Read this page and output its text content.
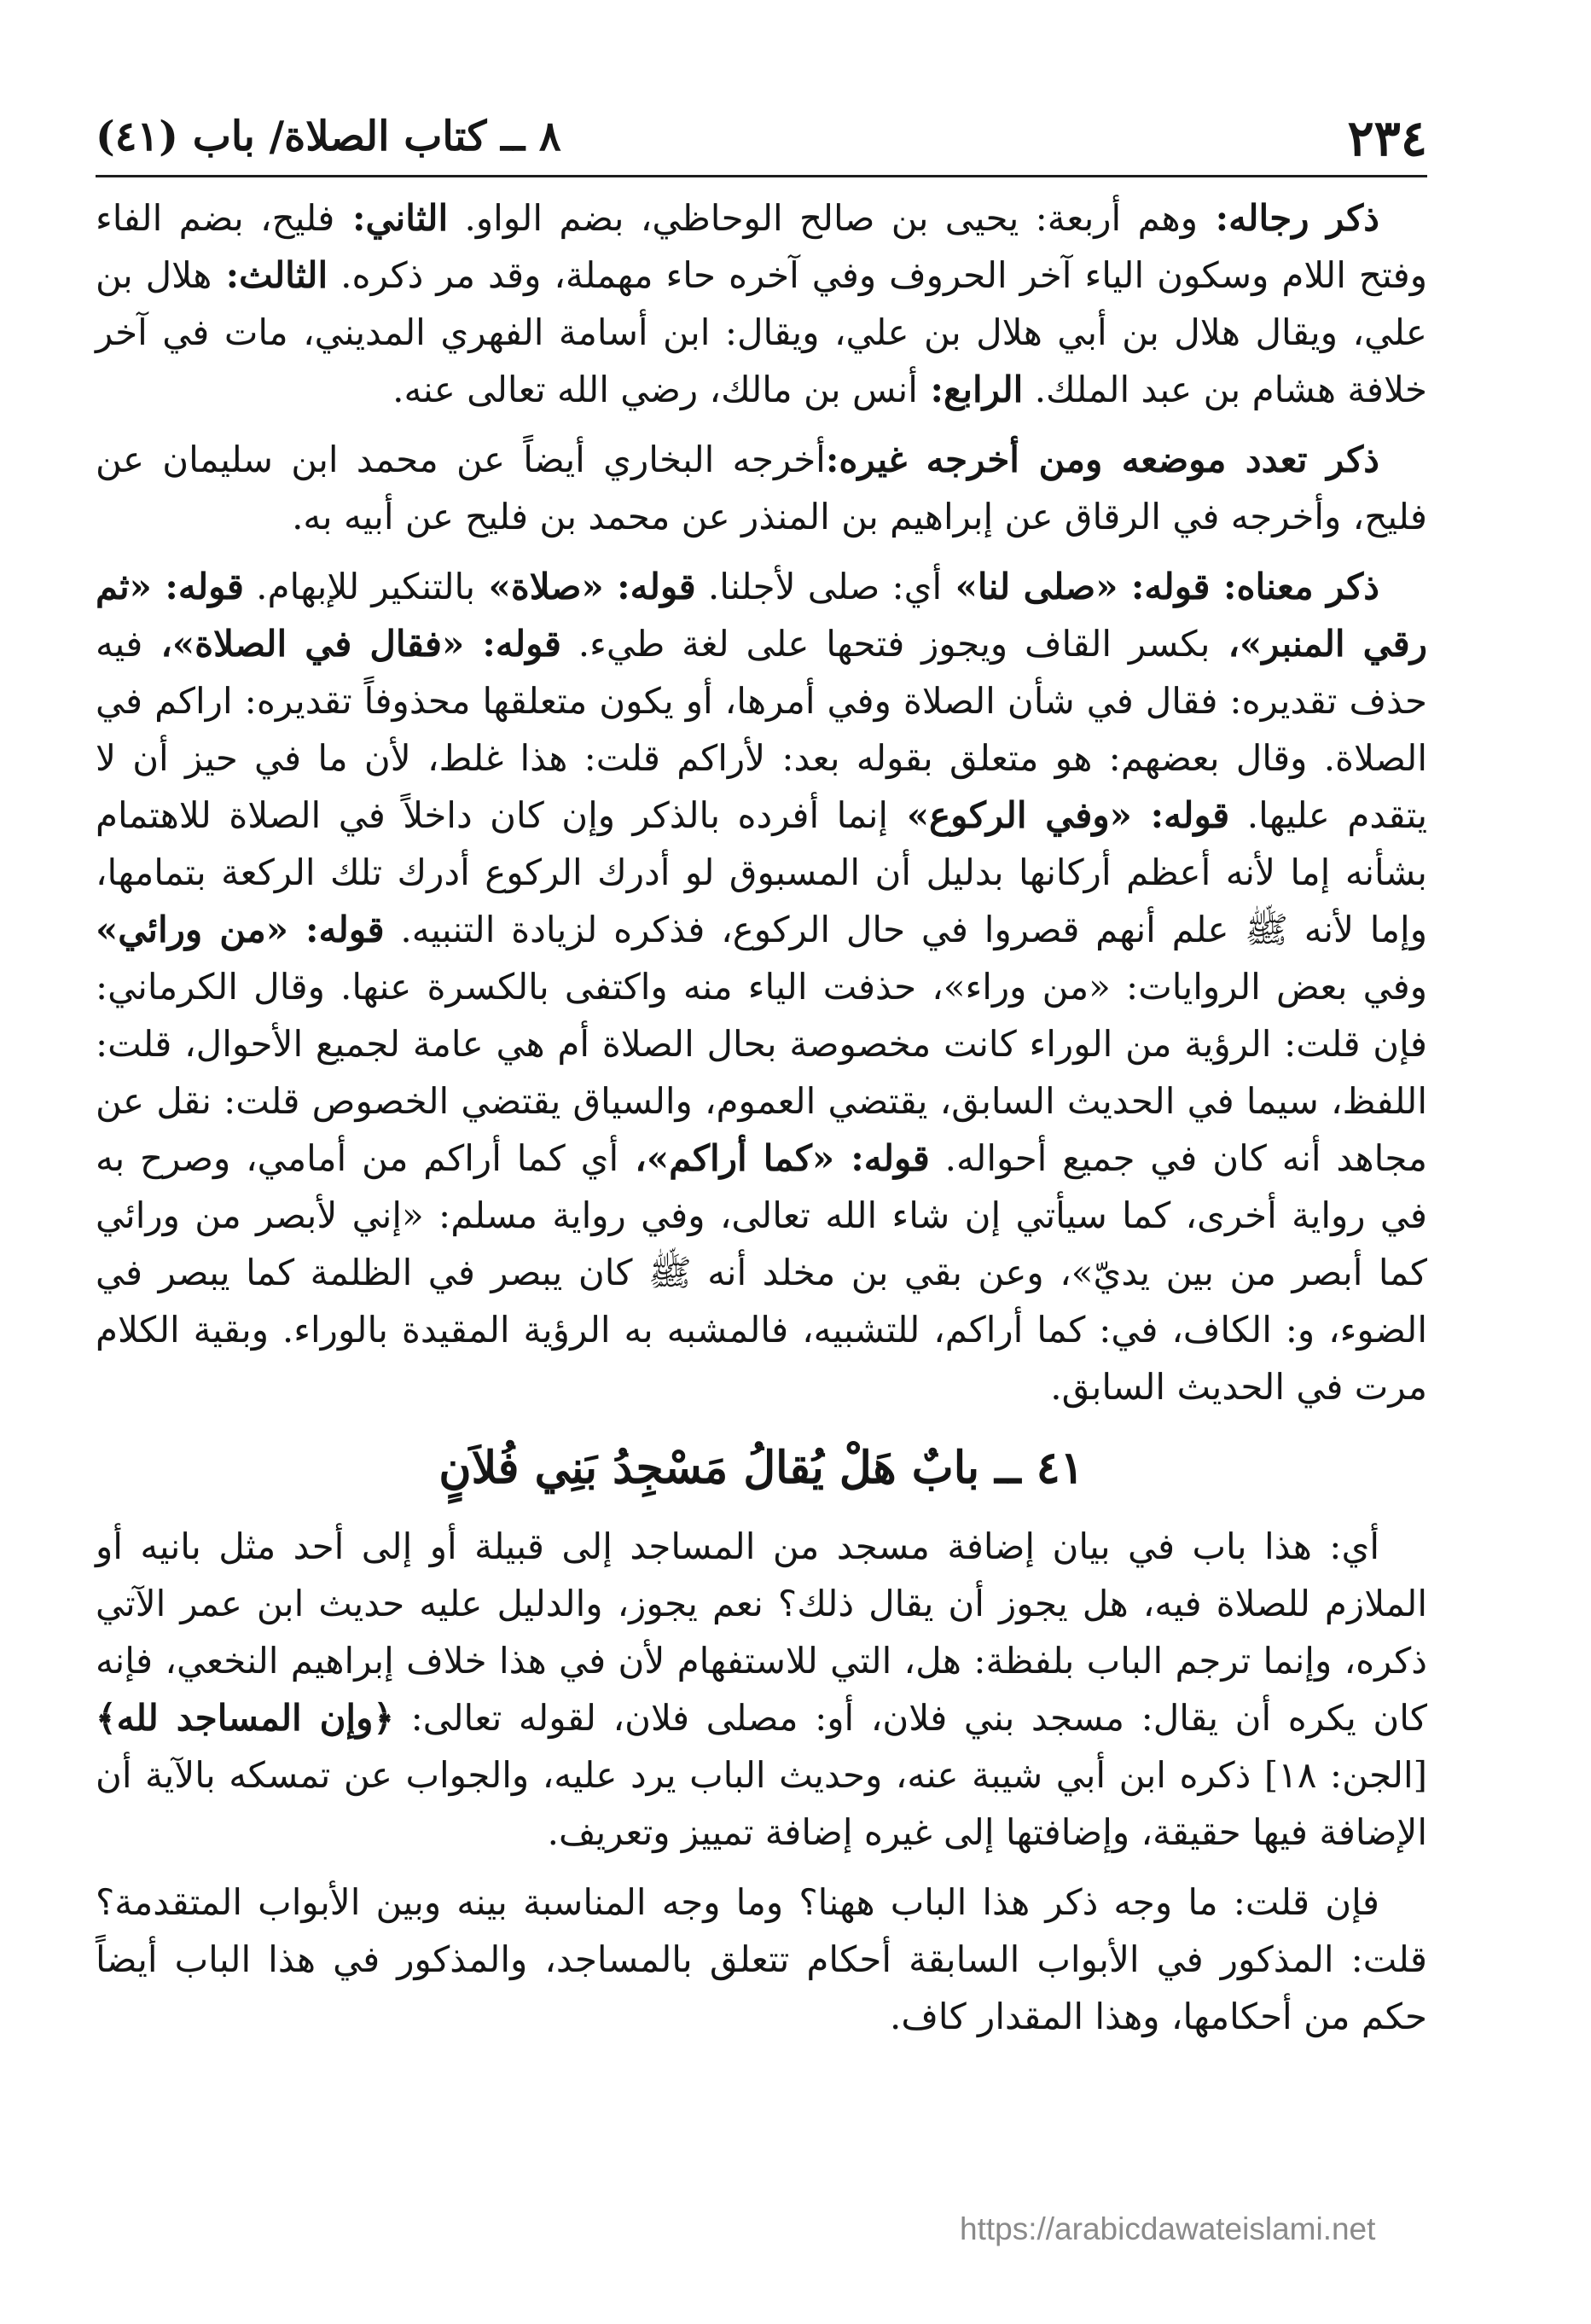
٢٣٤
٨ ــ كتاب الصلاة/ باب (٤١)

ذكر رجاله: وهم أربعة: يحيى بن صالح الوحاظي، بضم الواو. الثاني: فليح، بضم الفاء وفتح اللام وسكون الياء آخر الحروف وفي آخره حاء مهملة، وقد مر ذكره. الثالث: هلال بن علي، ويقال هلال بن أبي هلال بن علي، ويقال: ابن أسامة الفهري المديني، مات في آخر خلافة هشام بن عبد الملك. الرابع: أنس بن مالك، رضي الله تعالى عنه.

ذكر تعدد موضعه ومن أخرجه غيره:أخرجه البخاري أيضاً عن محمد ابن سليمان عن فليح، وأخرجه في الرقاق عن إبراهيم بن المنذر عن محمد بن فليح عن أبيه به.

ذكر معناه: قوله: «صلى لنا» أي: صلى لأجلنا. قوله: «صلاة» بالتنكير للإبهام. قوله: «ثم رقي المنبر»، بكسر القاف ويجوز فتحها على لغة طيء. قوله: «فقال في الصلاة»، فيه حذف تقديره: فقال في شأن الصلاة وفي أمرها، أو يكون متعلقها محذوفاً تقديره: اراكم في الصلاة. وقال بعضهم: هو متعلق بقوله بعد: لأراكم قلت: هذا غلط، لأن ما في حيز أن لا يتقدم عليها. قوله: «وفي الركوع» إنما أفرده بالذكر وإن كان داخلاً في الصلاة للاهتمام بشأنه إما لأنه أعظم أركانها بدليل أن المسبوق لو أدرك الركوع أدرك تلك الركعة بتمامها، وإما لأنه ﷺ علم أنهم قصروا في حال الركوع، فذكره لزيادة التنبيه. قوله: «من ورائي» وفي بعض الروايات: «من وراء»، حذفت الياء منه واكتفى بالكسرة عنها. وقال الكرماني: فإن قلت: الرؤية من الوراء كانت مخصوصة بحال الصلاة أم هي عامة لجميع الأحوال، قلت: اللفظ، سيما في الحديث السابق، يقتضي العموم، والسياق يقتضي الخصوص قلت: نقل عن مجاهد أنه كان في جميع أحواله. قوله: «كما أراكم»، أي كما أراكم من أمامي، وصرح به في رواية أخرى، كما سيأتي إن شاء الله تعالى، وفي رواية مسلم: «إني لأبصر من ورائي كما أبصر من بين يديّ»، وعن بقي بن مخلد أنه ﷺ كان يبصر في الظلمة كما يبصر في الضوء، و: الكاف، في: كما أراكم، للتشبيه، فالمشبه به الرؤية المقيدة بالوراء. وبقية الكلام مرت في الحديث السابق.

٤١ ــ بابٌ هَلْ يُقالُ مَسْجِدُ بَنِي فُلاَنٍ

أي: هذا باب في بيان إضافة مسجد من المساجد إلى قبيلة أو إلى أحد مثل بانيه أو الملازم للصلاة فيه، هل يجوز أن يقال ذلك؟ نعم يجوز، والدليل عليه حديث ابن عمر الآتي ذكره، وإنما ترجم الباب بلفظة: هل، التي للاستفهام لأن في هذا خلاف إبراهيم النخعي، فإنه كان يكره أن يقال: مسجد بني فلان، أو: مصلى فلان، لقوله تعالى: ﴿وإن المساجد لله﴾ [الجن: ١٨] ذكره ابن أبي شيبة عنه، وحديث الباب يرد عليه، والجواب عن تمسكه بالآية أن الإضافة فيها حقيقة، وإضافتها إلى غيره إضافة تمييز وتعريف.

فإن قلت: ما وجه ذكر هذا الباب ههنا؟ وما وجه المناسبة بينه وبين الأبواب المتقدمة؟ قلت: المذكور في الأبواب السابقة أحكام تتعلق بالمساجد، والمذكور في هذا الباب أيضاً حكم من أحكامها، وهذا المقدار كاف.

https://arabicdawateislami.net
